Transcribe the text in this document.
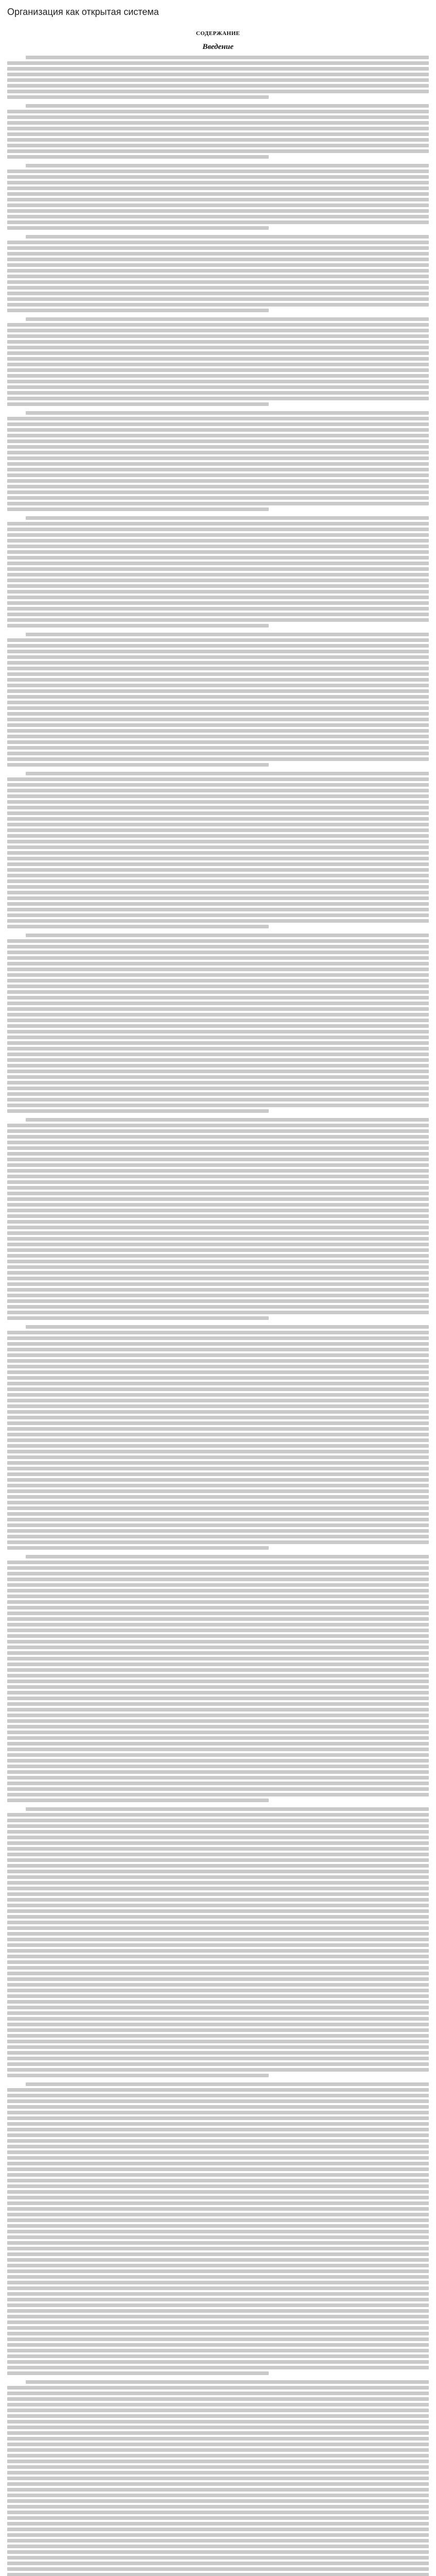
Организация как открытая система
СОДЕРЖАНИЕ
Введение
